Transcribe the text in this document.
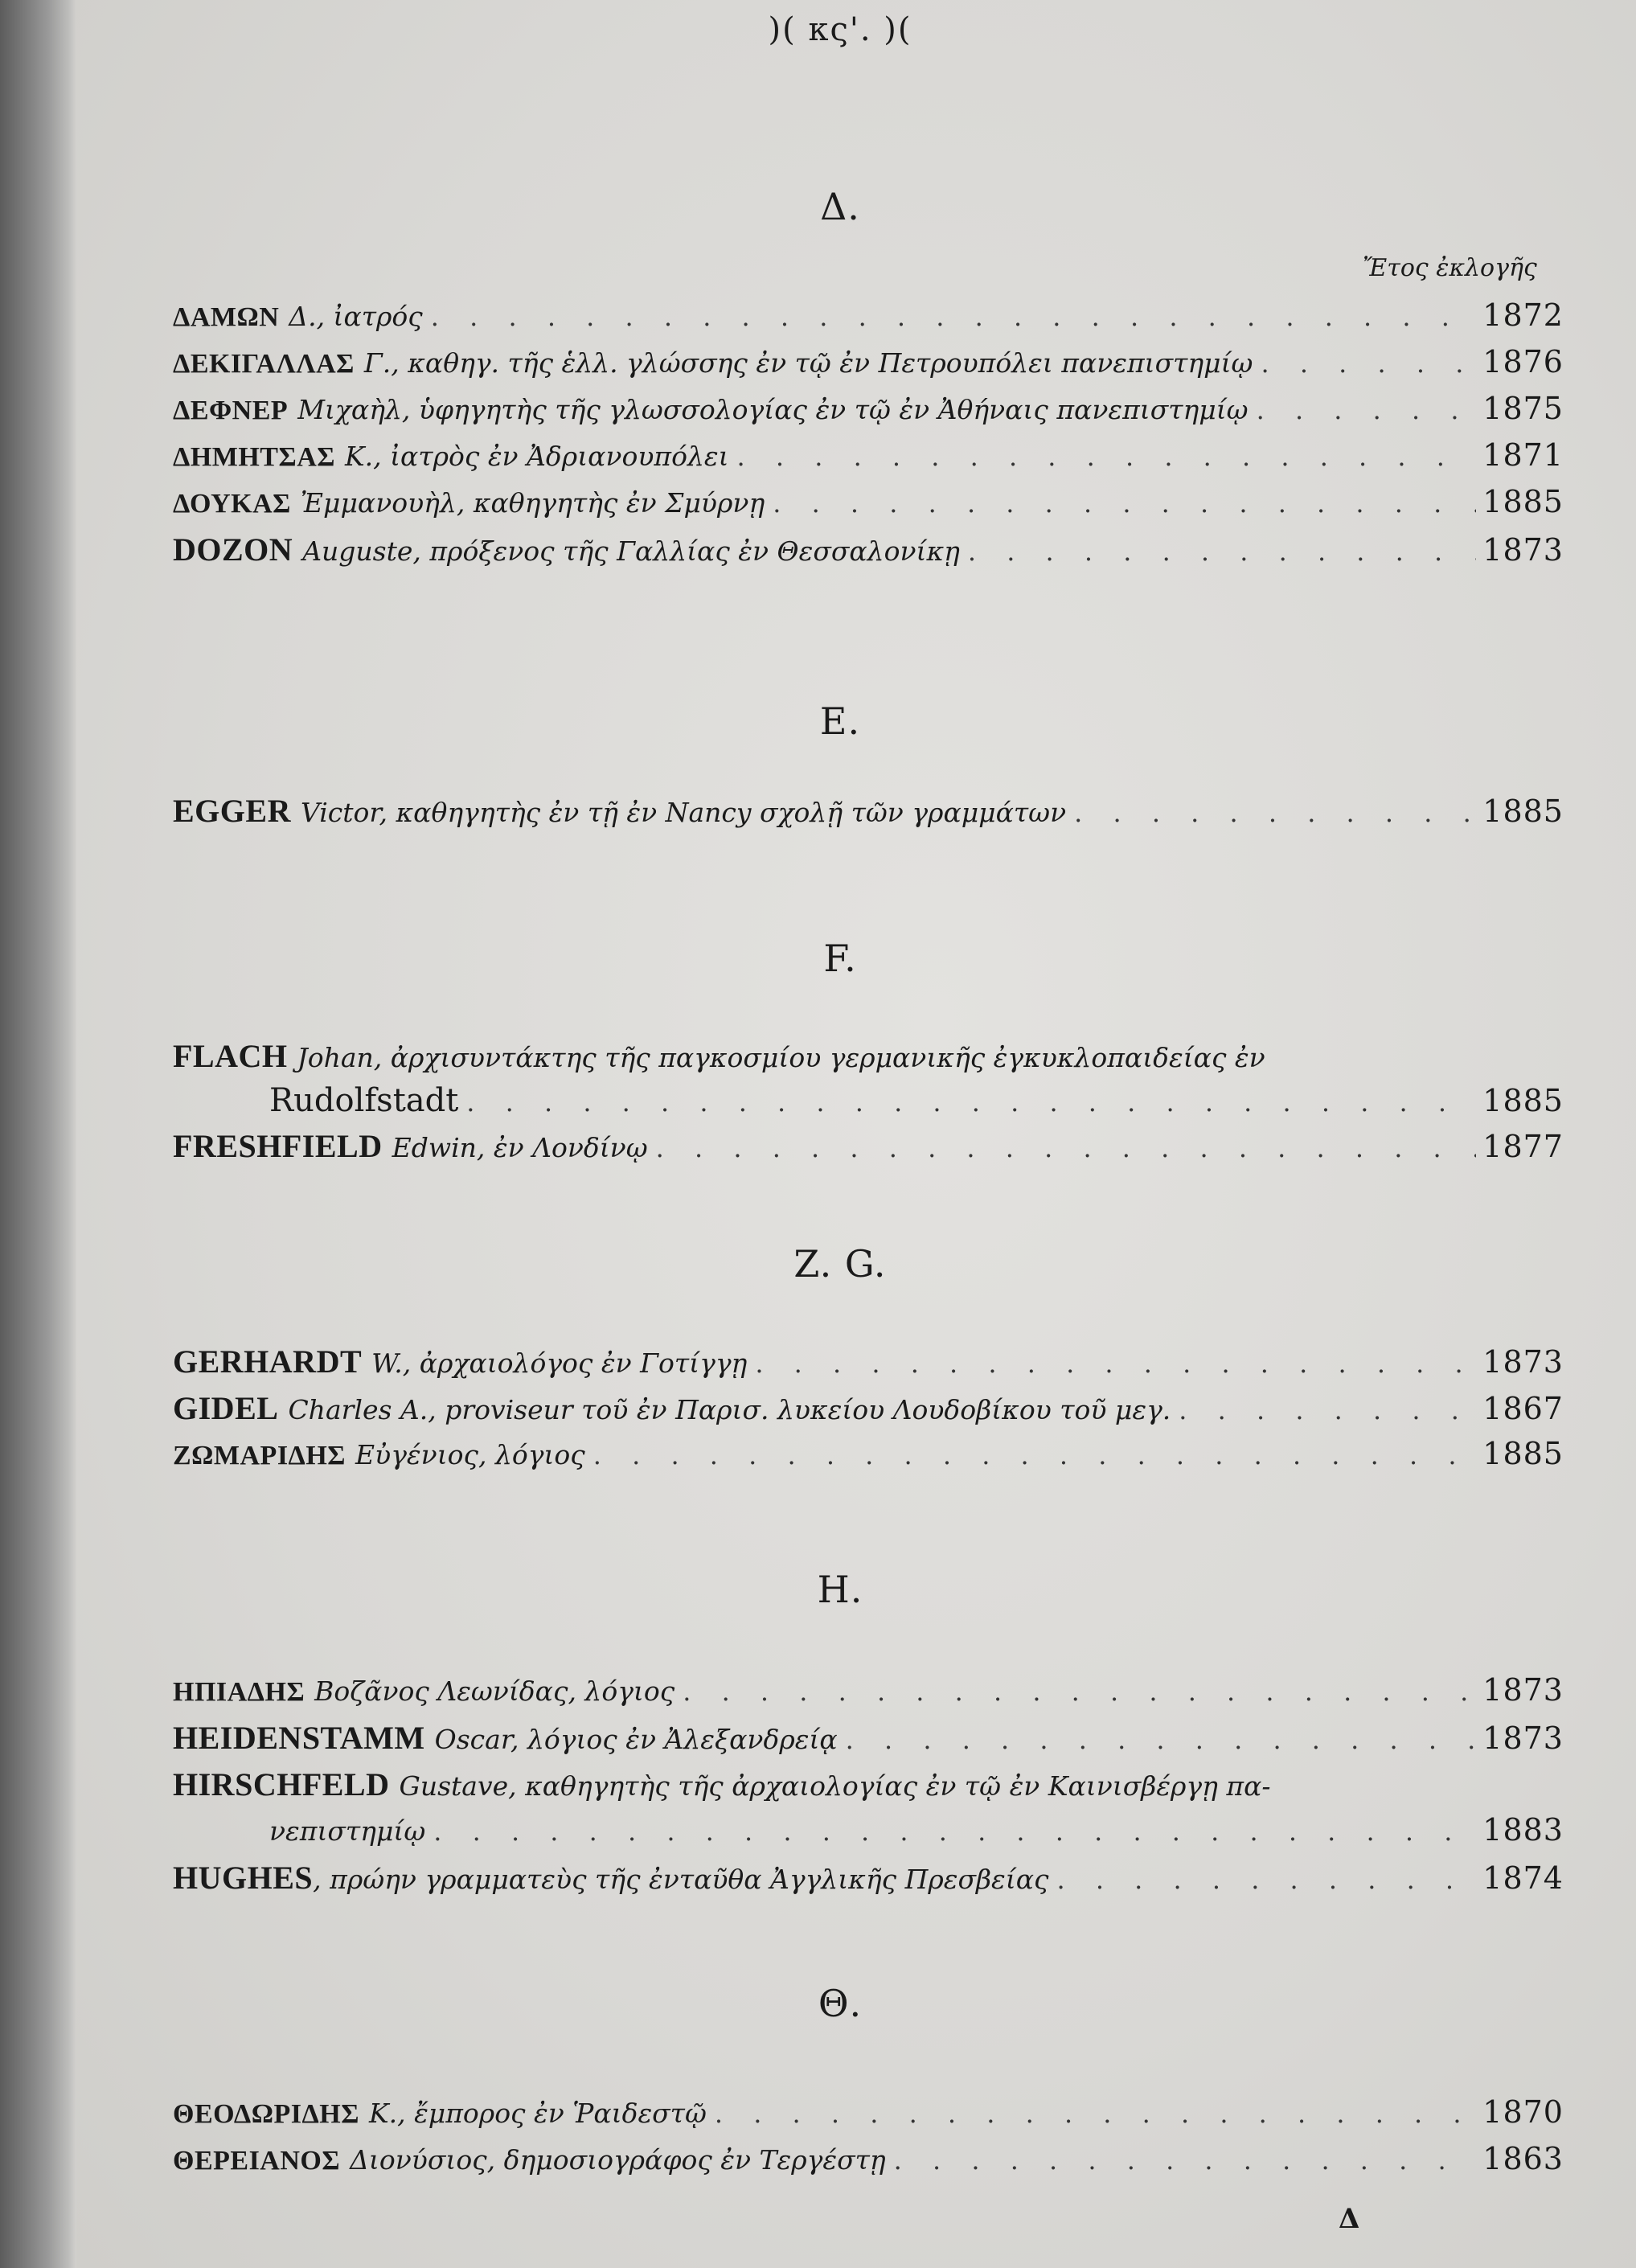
)( κς'. )(
Δ.
Ἔτος ἐκλογῆς
ΔΑΜΩΝ Δ., ἰατρός . . .	1872
ΔΕΚΙΓΑΛΛΑΣ Γ., καθηγ. τῆς ἑλλ. γλώσσης ἐν τῷ ἐν Πετρουπόλει πανεπιστημίῳ . . .	1876
ΔΕΦΝΕΡ Μιχαὴλ, ὑφηγητὴς τῆς γλωσσολογίας ἐν τῷ ἐν Ἀθήναις πανεπιστημίῳ . . .	1875
ΔΗΜΗΤΣΑΣ Κ., ἰατρὸς ἐν Ἀδριανουπόλει . . .	1871
ΔΟΥΚΑΣ Ἐμμανουὴλ, καθηγητὴς ἐν Σμύρνῃ . . .	1885
DOZON Auguste, πρόξενος τῆς Γαλλίας ἐν Θεσσαλονίκῃ . . .	1873
E.
EGGER Victor, καθηγητὴς ἐν τῇ ἐν Nancy σχολῇ τῶν γραμμάτων . . .	1885
F.
FLACH Johan, ἀρχισυντάκτης τῆς παγκοσμίου γερμανικῆς ἐγκυκλοπαιδείας ἐν
Rudolfstadt . . .	1885
FRESHFIELD Edwin, ἐν Λονδίνῳ . . .	1877
Z. G.
GERHARDT W., ἀρχαιολόγος ἐν Γοτίγγῃ . . .	1873
GIDEL Charles A., proviseur τοῦ ἐν Παρισ. λυκείου Λουδοβίκου τοῦ μεγ. . . .	1867
ΖΩΜΑΡΙΔΗΣ Εὐγένιος, λόγιος . . .	1885
H.
ΗΠΙΑΔΗΣ Βοζᾶνος Λεωνίδας, λόγιος . . .	1873
HEIDENSTAMM Oscar, λόγιος ἐν Ἀλεξανδρείᾳ . . .	1873
HIRSCHFELD Gustave, καθηγητὴς τῆς ἀρχαιολογίας ἐν τῷ ἐν Καινισβέργῃ πα-
νεπιστημίῳ . . .	1883
HUGHES , πρώην γραμματεὺς τῆς ἐνταῦθα Ἀγγλικῆς Πρεσβείας . . .	1874
Θ.
ΘΕΟΔΩΡΙΔΗΣ Κ., ἔμπορος ἐν Ῥαιδεστῷ . . .	1870
ΘΕΡΕΙΑΝΟΣ Διονύσιος, δημοσιογράφος ἐν Τεργέστῃ . . .	1863
Δ
